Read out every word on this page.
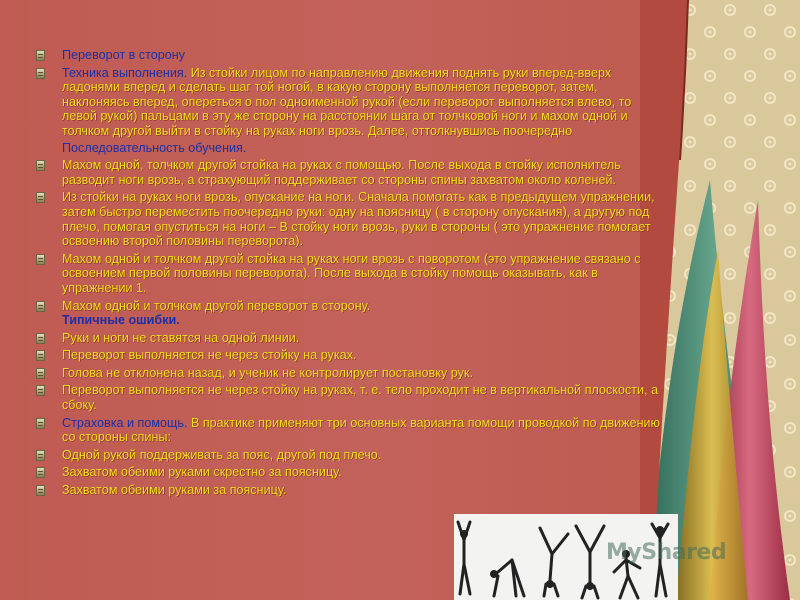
Переворот в сторону
Техника выполнения. Из стойки лицом по направлению движения поднять руки вперед-вверх ладонями вперед и сделать шаг той ногой, в какую сторону выполняется переворот, затем, наклоняясь вперед, опереться о пол одноименной рукой (если переворот выполняется влево, то левой рукой) пальцами в эту же сторону на расстоянии шага от толчковой ноги и махом одной и толчком другой выйти в стойку на руках ноги врозь. Далее, оттолкнувшись поочередно
Последовательность обучения.
Махом одной, толчком другой стойка на руках с помощью. После выхода в стойку исполнитель разводит ноги врозь, а страхующий поддерживает со стороны спины захватом около коленей.
Из стойки на руках ноги врозь, опускание на ноги. Сначала помогать как в предыдущем упражнении, затем быстро переместить поочередно руки: одну на поясницу ( в сторону опускания), а другую под плечо, помогая опуститься на ноги – В стойку ноги врозь, руки в стороны ( это упражнение помогает освоению второй половины переворота).
Махом одной и толчком другой стойка на руках ноги врозь с поворотом (это упражнение связано с освоением первой половины переворота). После выхода в стойку помощь оказывать, как в упражнении 1.
Махом одной и толчком другой переворот в сторону.
Типичные ошибки.
Руки и ноги не ставятся на одной линии.
Переворот выполняется не через стойку на руках.
Голова не отклонена назад, и ученик не контролирует постановку рук.
Переворот выполняется не через стойку на руках, т. е. тело проходит не в вертикальной плоскости, а сбоку.
Страховка и помощь. В практике применяют три основных варианта помощи проводкой по движению со стороны спины:
Одной рукой поддерживать за пояс, другой под плечо.
Захватом обеими руками скрестно за поясницу.
Захватом обеими руками за поясницу.
MyShared
